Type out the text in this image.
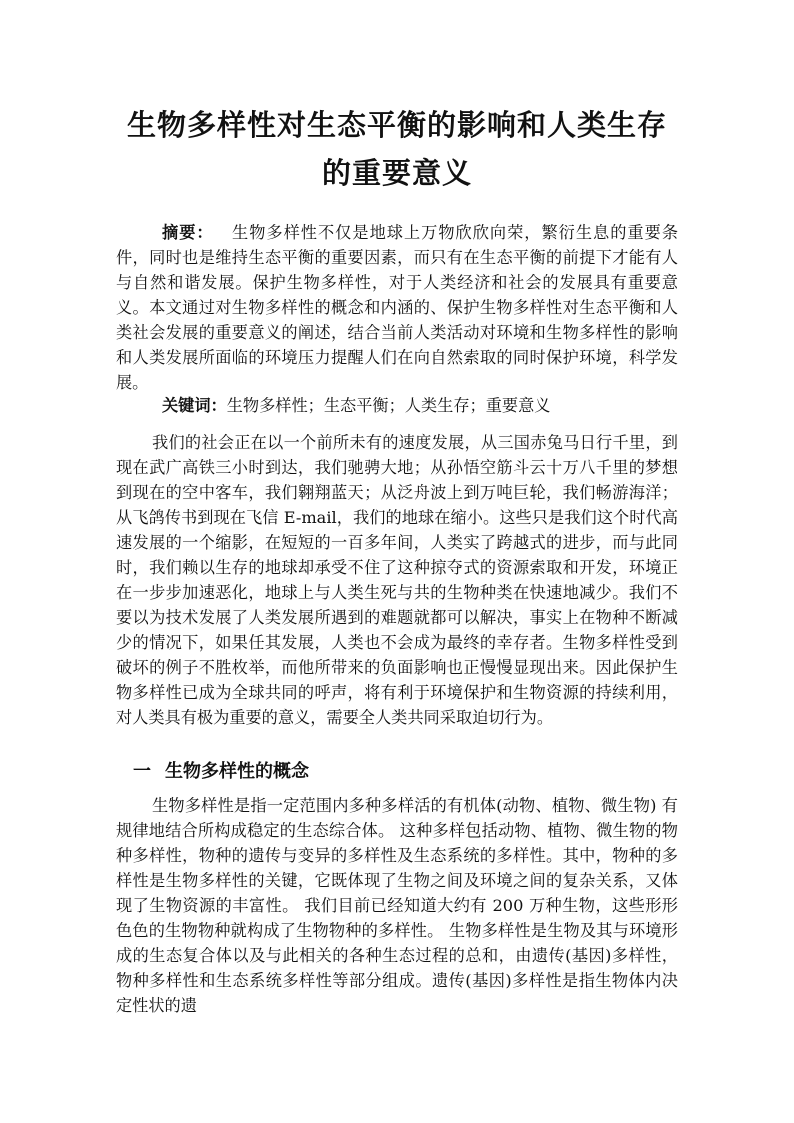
生物多样性对生态平衡的影响和人类生存
的重要意义
摘要： 生物多样性不仅是地球上万物欣欣向荣，繁衍生息的重要条件，同时也是维持生态平衡的重要因素，而只有在生态平衡的前提下才能有人与自然和谐发展。保护生物多样性，对于人类经济和社会的发展具有重要意义。本文通过对生物多样性的概念和内涵的、保护生物多样性对生态平衡和人类社会发展的重要意义的阐述，结合当前人类活动对环境和生物多样性的影响和人类发展所面临的环境压力提醒人们在向自然索取的同时保护环境，科学发展。
关键词：生物多样性；生态平衡；人类生存；重要意义
我们的社会正在以一个前所未有的速度发展，从三国赤兔马日行千里，到现在武广高铁三小时到达，我们驰骋大地；从孙悟空筋斗云十万八千里的梦想到现在的空中客车，我们翱翔蓝天；从泛舟波上到万吨巨轮，我们畅游海洋；从飞鸽传书到现在飞信 E-mail，我们的地球在缩小。这些只是我们这个时代高速发展的一个缩影，在短短的一百多年间，人类实了跨越式的进步，而与此同时，我们赖以生存的地球却承受不住了这种掠夺式的资源索取和开发，环境正在一步步加速恶化，地球上与人类生死与共的生物种类在快速地减少。我们不要以为技术发展了人类发展所遇到的难题就都可以解决，事实上在物种不断减少的情况下，如果任其发展，人类也不会成为最终的幸存者。生物多样性受到破坏的例子不胜枚举，而他所带来的负面影响也正慢慢显现出来。因此保护生物多样性已成为全球共同的呼声，将有利于环境保护和生物资源的持续利用，对人类具有极为重要的意义，需要全人类共同采取迫切行为。
一 生物多样性的概念
生物多样性是指一定范围内多种多样活的有机体(动物、植物、微生物) 有规律地结合所构成稳定的生态综合体。 这种多样包括动物、植物、微生物的物种多样性，物种的遗传与变异的多样性及生态系统的多样性。其中，物种的多样性是生物多样性的关键，它既体现了生物之间及环境之间的复杂关系，又体现了生物资源的丰富性。 我们目前已经知道大约有 200 万种生物，这些形形色色的生物物种就构成了生物物种的多样性。 生物多样性是生物及其与环境形成的生态复合体以及与此相关的各种生态过程的总和，由遗传(基因)多样性，物种多样性和生态系统多样性等部分组成。遗传(基因)多样性是指生物体内决定性状的遗
